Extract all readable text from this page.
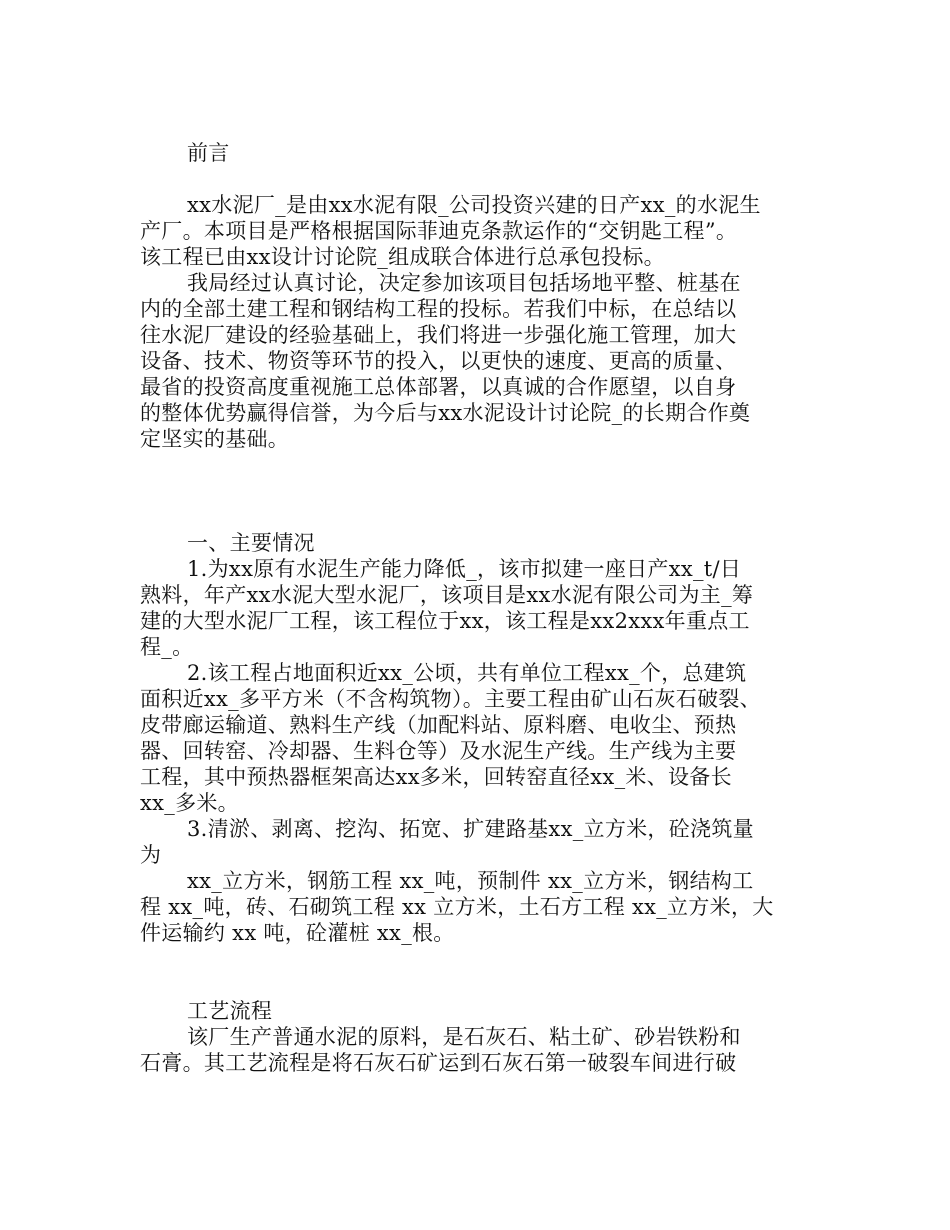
前言
xx水泥厂_是由xx水泥有限_公司投资兴建的日产xx_的水泥生
产厂。本项目是严格根据国际菲迪克条款运作的“交钥匙工程”。
该工程已由xx设计讨论院_组成联合体进行总承包投标。
我局经过认真讨论，决定参加该项目包括场地平整、桩基在
内的全部土建工程和钢结构工程的投标。若我们中标，在总结以
往水泥厂建设的经验基础上，我们将进一步强化施工管理，加大
设备、技术、物资等环节的投入，以更快的速度、更高的质量、
最省的投资高度重视施工总体部署，以真诚的合作愿望，以自身
的整体优势赢得信誉，为今后与xx水泥设计讨论院_的长期合作奠
定坚实的基础。
一、主要情况
1.为xx原有水泥生产能力降低_，该市拟建一座日产xx_t/日
熟料，年产xx水泥大型水泥厂，该项目是xx水泥有限公司为主_筹
建的大型水泥厂工程，该工程位于xx，该工程是xx2xxx年重点工
程_。
2.该工程占地面积近xx_公顷，共有单位工程xx_个，总建筑
面积近xx_多平方米（不含构筑物）。主要工程由矿山石灰石破裂、
皮带廊运输道、熟料生产线（加配料站、原料磨、电收尘、预热
器、回转窑、冷却器、生料仓等）及水泥生产线。生产线为主要
工程，其中预热器框架高达xx多米，回转窑直径xx_米、设备长
xx_多米。
3.清淤、剥离、挖沟、拓宽、扩建路基xx_立方米，砼浇筑量
为
xx_立方米，钢筋工程 xx_吨，预制件 xx_立方米，钢结构工
程 xx_吨，砖、石砌筑工程 xx 立方米，土石方工程 xx_立方米，大
件运输约 xx 吨，砼灌桩 xx_根。
工艺流程
该厂生产普通水泥的原料，是石灰石、粘土矿、砂岩铁粉和
石膏。其工艺流程是将石灰石矿运到石灰石第一破裂车间进行破
